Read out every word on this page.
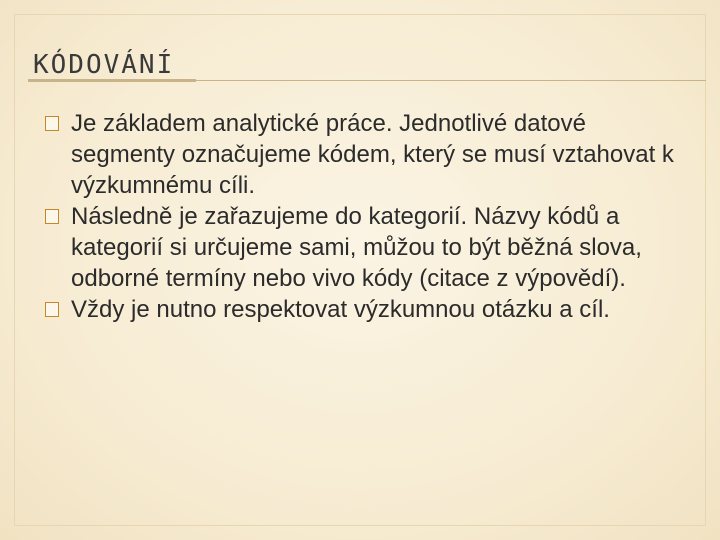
KÓDOVÁNÍ
Je základem analytické práce. Jednotlivé datové segmenty označujeme kódem, který se musí vztahovat k výzkumnému cíli.
Následně je zařazujeme do kategorií. Názvy kódů a kategorií si určujeme sami, můžou to být běžná slova, odborné termíny nebo vivo kódy (citace z výpovědí).
Vždy je nutno respektovat výzkumnou otázku a cíl.
